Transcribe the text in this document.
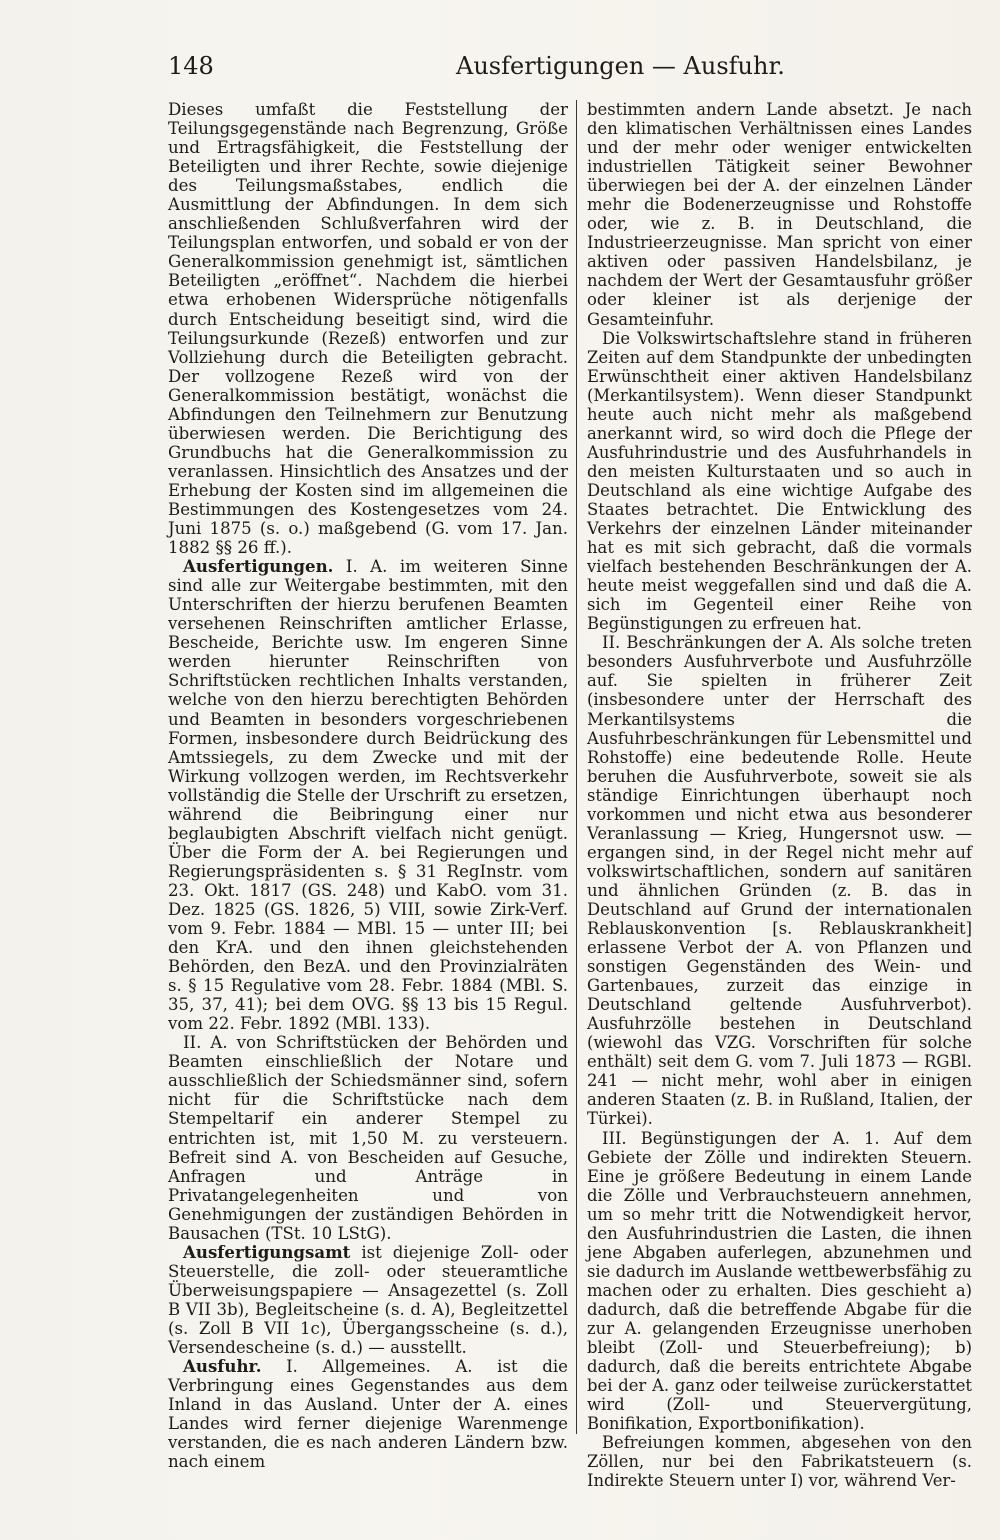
148	Ausfertigungen — Ausfuhr.

Dieses umfaßt die Feststellung der Teilungsgegenstände nach Begrenzung, Größe und Ertragsfähigkeit, die Feststellung der Beteiligten und ihrer Rechte, sowie diejenige des Teilungsmaßstabes, endlich die Ausmittlung der Abfindungen. In dem sich anschließenden Schlußverfahren wird der Teilungsplan entworfen, und sobald er von der Generalkommission genehmigt ist, sämtlichen Beteiligten „eröffnet“. Nachdem die hierbei etwa erhobenen Widersprüche nötigenfalls durch Entscheidung beseitigt sind, wird die Teilungsurkunde (Rezeß) entworfen und zur Vollziehung durch die Beteiligten gebracht. Der vollzogene Rezeß wird von der Generalkommission bestätigt, wonächst die Abfindungen den Teilnehmern zur Benutzung überwiesen werden. Die Berichtigung des Grundbuchs hat die Generalkommission zu veranlassen. Hinsichtlich des Ansatzes und der Erhebung der Kosten sind im allgemeinen die Bestimmungen des Kostengesetzes vom 24. Juni 1875 (s. o.) maßgebend (G. vom 17. Jan. 1882 §§ 26 ff.).

Ausfertigungen. I. A. im weiteren Sinne sind alle zur Weitergabe bestimmten, mit den Unterschriften der hierzu berufenen Beamten versehenen Reinschriften amtlicher Erlasse, Bescheide, Berichte usw. Im engeren Sinne werden hierunter Reinschriften von Schriftstücken rechtlichen Inhalts verstanden, welche von den hierzu berechtigten Behörden und Beamten in besonders vorgeschriebenen Formen, insbesondere durch Beidrückung des Amtssiegels, zu dem Zwecke und mit der Wirkung vollzogen werden, im Rechtsverkehr vollständig die Stelle der Urschrift zu ersetzen, während die Beibringung einer nur beglaubigten Abschrift vielfach nicht genügt. Über die Form der A. bei Regierungen und Regierungspräsidenten s. § 31 RegInstr. vom 23. Okt. 1817 (GS. 248) und KabO. vom 31. Dez. 1825 (GS. 1826, 5) VIII, sowie Zirk-Verf. vom 9. Febr. 1884 — MBl. 15 — unter III; bei den KrA. und den ihnen gleichstehenden Behörden, den BezA. und den Provinzialräten s. § 15 Regulative vom 28. Febr. 1884 (MBl. S. 35, 37, 41); bei dem OVG. §§ 13 bis 15 Regul. vom 22. Febr. 1892 (MBl. 133).

II. A. von Schriftstücken der Behörden und Beamten einschließlich der Notare und ausschließlich der Schiedsmänner sind, sofern nicht für die Schriftstücke nach dem Stempeltarif ein anderer Stempel zu entrichten ist, mit 1,50 M. zu versteuern. Befreit sind A. von Bescheiden auf Gesuche, Anfragen und Anträge in Privatangelegenheiten und von Genehmigungen der zuständigen Behörden in Bausachen (TSt. 10 LStG).

Ausfertigungsamt ist diejenige Zoll- oder Steuerstelle, die zoll- oder steueramtliche Überweisungspapiere — Ansagezettel (s. Zoll B VII 3b), Begleitscheine (s. d. A), Begleitzettel (s. Zoll B VII 1c), Übergangsscheine (s. d.), Versendescheine (s. d.) — ausstellt.

Ausfuhr. I. Allgemeines. A. ist die Verbringung eines Gegenstandes aus dem Inland in das Ausland. Unter der A. eines Landes wird ferner diejenige Warenmenge verstanden, die es nach anderen Ländern bzw. nach einem

bestimmten andern Lande absetzt. Je nach den klimatischen Verhältnissen eines Landes und der mehr oder weniger entwickelten industriellen Tätigkeit seiner Bewohner überwiegen bei der A. der einzelnen Länder mehr die Bodenerzeugnisse und Rohstoffe oder, wie z. B. in Deutschland, die Industrieerzeugnisse. Man spricht von einer aktiven oder passiven Handelsbilanz, je nachdem der Wert der Gesamtausfuhr größer oder kleiner ist als derjenige der Gesamteinfuhr.

Die Volkswirtschaftslehre stand in früheren Zeiten auf dem Standpunkte der unbedingten Erwünschtheit einer aktiven Handelsbilanz (Merkantilsystem). Wenn dieser Standpunkt heute auch nicht mehr als maßgebend anerkannt wird, so wird doch die Pflege der Ausfuhrindustrie und des Ausfuhrhandels in den meisten Kulturstaaten und so auch in Deutschland als eine wichtige Aufgabe des Staates betrachtet. Die Entwicklung des Verkehrs der einzelnen Länder miteinander hat es mit sich gebracht, daß die vormals vielfach bestehenden Beschränkungen der A. heute meist weggefallen sind und daß die A. sich im Gegenteil einer Reihe von Begünstigungen zu erfreuen hat.

II. Beschränkungen der A. Als solche treten besonders Ausfuhrverbote und Ausfuhrzölle auf. Sie spielten in früherer Zeit (insbesondere unter der Herrschaft des Merkantilsystems die Ausfuhrbeschränkungen für Lebensmittel und Rohstoffe) eine bedeutende Rolle. Heute beruhen die Ausfuhrverbote, soweit sie als ständige Einrichtungen überhaupt noch vorkommen und nicht etwa aus besonderer Veranlassung — Krieg, Hungersnot usw. — ergangen sind, in der Regel nicht mehr auf volkswirtschaftlichen, sondern auf sanitären und ähnlichen Gründen (z. B. das in Deutschland auf Grund der internationalen Reblauskonvention [s. Reblauskrankheit] erlassene Verbot der A. von Pflanzen und sonstigen Gegenständen des Wein- und Gartenbaues, zurzeit das einzige in Deutschland geltende Ausfuhrverbot). Ausfuhrzölle bestehen in Deutschland (wiewohl das VZG. Vorschriften für solche enthält) seit dem G. vom 7. Juli 1873 — RGBl. 241 — nicht mehr, wohl aber in einigen anderen Staaten (z. B. in Rußland, Italien, der Türkei).

III. Begünstigungen der A. 1. Auf dem Gebiete der Zölle und indirekten Steuern. Eine je größere Bedeutung in einem Lande die Zölle und Verbrauchsteuern annehmen, um so mehr tritt die Notwendigkeit hervor, den Ausfuhrindustrien die Lasten, die ihnen jene Abgaben auferlegen, abzunehmen und sie dadurch im Auslande wettbewerbsfähig zu machen oder zu erhalten. Dies geschieht a) dadurch, daß die betreffende Abgabe für die zur A. gelangenden Erzeugnisse unerhoben bleibt (Zoll- und Steuerbefreiung); b) dadurch, daß die bereits entrichtete Abgabe bei der A. ganz oder teilweise zurückerstattet wird (Zoll- und Steuervergütung, Bonifikation, Exportbonifikation).

Befreiungen kommen, abgesehen von den Zöllen, nur bei den Fabrikatsteuern (s. Indirekte Steuern unter I) vor, während Ver-
